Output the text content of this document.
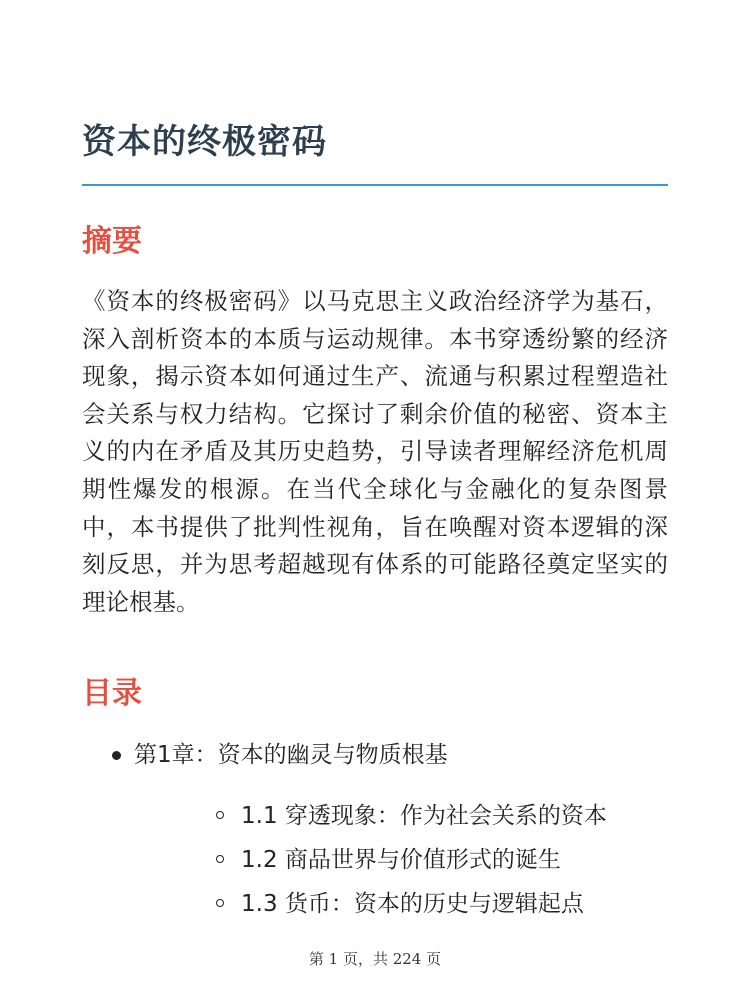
资本的终极密码
摘要

《资本的终极密码》以马克思主义政治经济学为基石，深入剖析资本的本质与运动规律。本书穿透纷繁的经济现象，揭示资本如何通过生产、流通与积累过程塑造社会关系与权力结构。它探讨了剩余价值的秘密、资本主义的内在矛盾及其历史趋势，引导读者理解经济危机周期性爆发的根源。在当代全球化与金融化的复杂图景中，本书提供了批判性视角，旨在唤醒对资本逻辑的深刻反思，并为思考超越现有体系的可能路径奠定坚实的理论根基。

目录
第1章：资本的幽灵与物质根基
1.1 穿透现象：作为社会关系的资本
1.2 商品世界与价值形式的诞生
1.3 货币：资本的历史与逻辑起点
第 1 页，共 224 页
